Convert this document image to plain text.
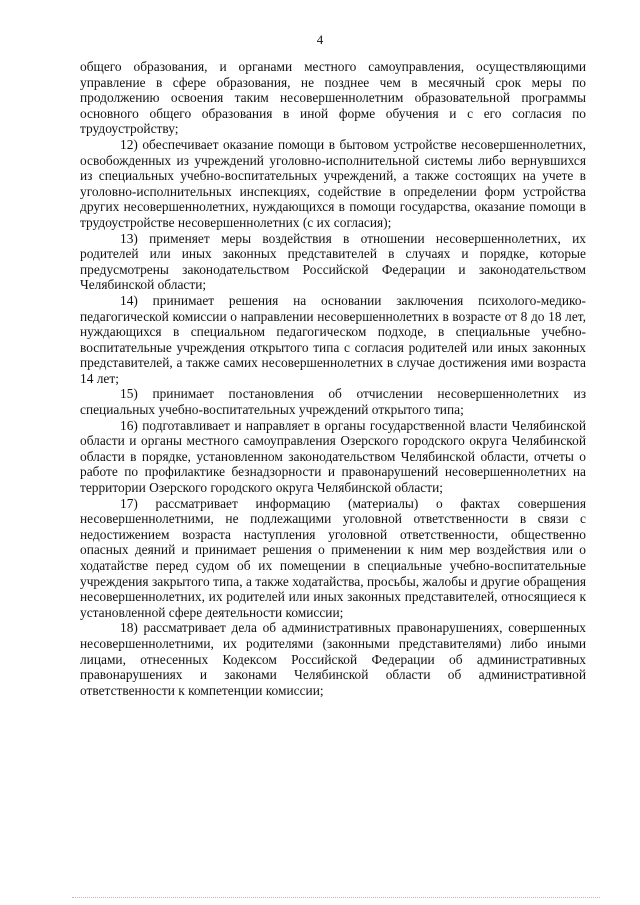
4

общего образования, и органами местного самоуправления, осуществляющими управление в сфере образования, не позднее чем в месячный срок меры по продолжению освоения таким несовершеннолетним образовательной программы основного общего образования в иной форме обучения и с его согласия по трудоустройству;

12) обеспечивает оказание помощи в бытовом устройстве несовершеннолетних, освобожденных из учреждений уголовно-исполнительной системы либо вернувшихся из специальных учебно-воспитательных учреждений, а также состоящих на учете в уголовно-исполнительных инспекциях, содействие в определении форм устройства других несовершеннолетних, нуждающихся в помощи государства, оказание помощи в трудоустройстве несовершеннолетних (с их согласия);

13) применяет меры воздействия в отношении несовершеннолетних, их родителей или иных законных представителей в случаях и порядке, которые предусмотрены законодательством Российской Федерации и законодательством Челябинской области;

14) принимает решения на основании заключения психолого-медико-педагогической комиссии о направлении несовершеннолетних в возрасте от 8 до 18 лет, нуждающихся в специальном педагогическом подходе, в специальные учебно-воспитательные учреждения открытого типа с согласия родителей или иных законных представителей, а также самих несовершеннолетних в случае достижения ими возраста 14 лет;

15) принимает постановления об отчислении несовершеннолетних из специальных учебно-воспитательных учреждений открытого типа;

16) подготавливает и направляет в органы государственной власти Челябинской области и органы местного самоуправления Озерского городского округа Челябинской области в порядке, установленном законодательством Челябинской области, отчеты о работе по профилактике безнадзорности и правонарушений несовершеннолетних на территории Озерского городского округа Челябинской области;

17) рассматривает информацию (материалы) о фактах совершения несовершеннолетними, не подлежащими уголовной ответственности в связи с недостижением возраста наступления уголовной ответственности, общественно опасных деяний и принимает решения о применении к ним мер воздействия или о ходатайстве перед судом об их помещении в специальные учебно-воспитательные учреждения закрытого типа, а также ходатайства, просьбы, жалобы и другие обращения несовершеннолетних, их родителей или иных законных представителей, относящиеся к установленной сфере деятельности комиссии;

18) рассматривает дела об административных правонарушениях, совершенных несовершеннолетними, их родителями (законными представителями) либо иными лицами, отнесенных Кодексом Российской Федерации об административных правонарушениях и законами Челябинской области об административной ответственности к компетенции комиссии;
